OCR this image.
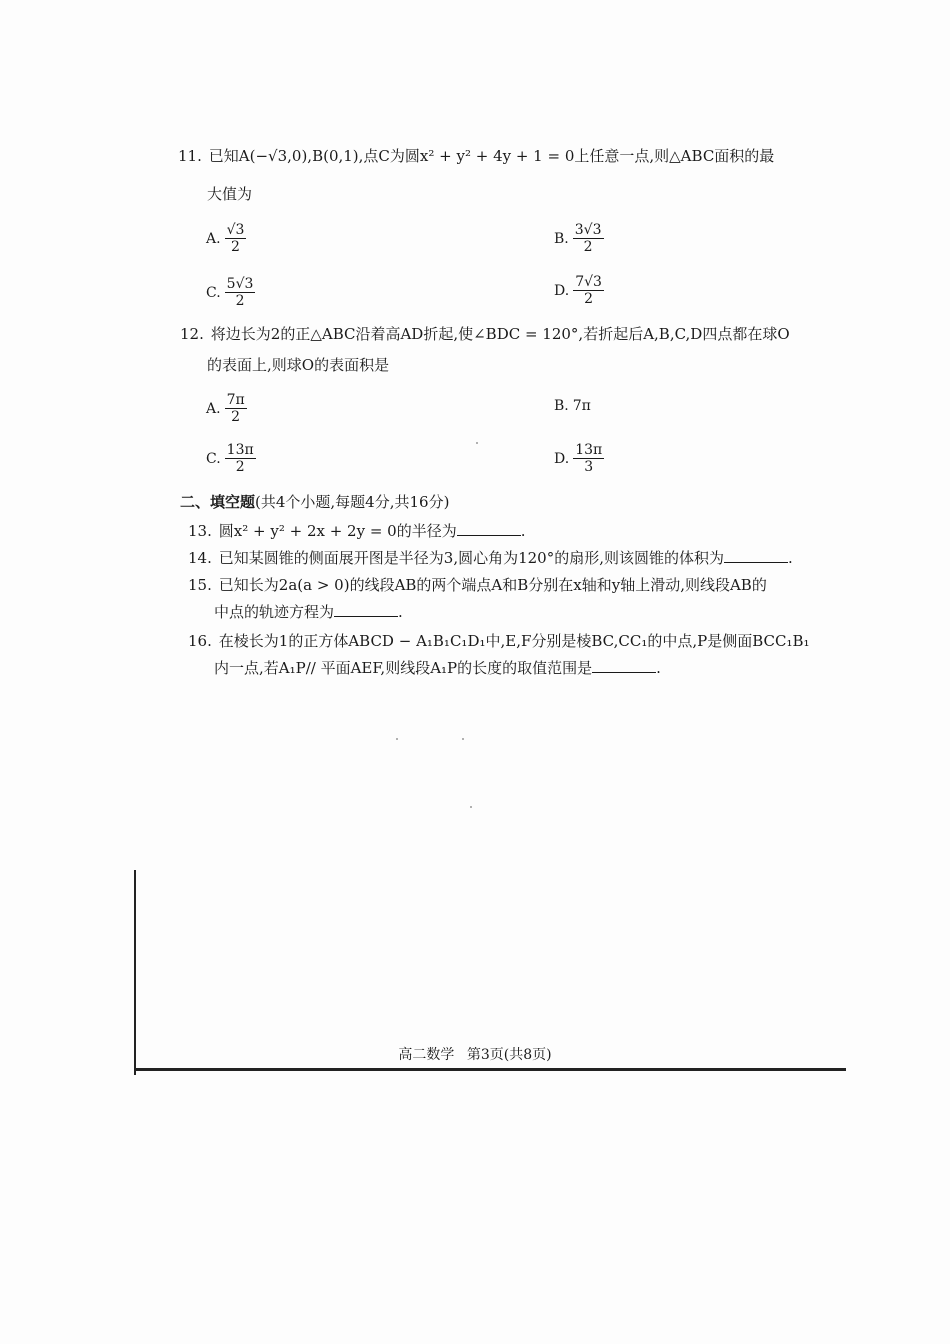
11. 已知A(−√3,0),B(0,1),点C为圆x² + y² + 4y + 1 = 0上任意一点,则△ABC面积的最
大值为
A. $\frac{√3}{2}$	B. $\frac{3√3}{2}$
C. $\frac{5√3}{2}$	D. $\frac{7√3}{2}$
12. 将边长为2的正△ABC沿着高AD折起,使∠BDC = 120°,若折起后A,B,C,D四点都在球O
的表面上,则球O的表面积是
A. $\frac{7\pi}{2}$	B. 7π
C. $\frac{13\pi}{2}$	D. $\frac{13\pi}{3}$
二、填空题(共4个小题,每题4分,共16分)
13. 圆x² + y² + 2x + 2y = 0的半径为	.
14. 已知某圆锥的侧面展开图是半径为3,圆心角为120°的扇形,则该圆锥的体积为	.
15. 已知长为2a(a > 0)的线段AB的两个端点A和B分别在x轴和y轴上滑动,则线段AB的
中点的轨迹方程为	.
16. 在棱长为1的正方体ABCD − A₁B₁C₁D₁中,E,F分别是棱BC,CC₁的中点,P是侧面BCC₁B₁
内一点,若A₁P// 平面AEF,则线段A₁P的长度的取值范围是	.
高二数学 第3页(共8页)
